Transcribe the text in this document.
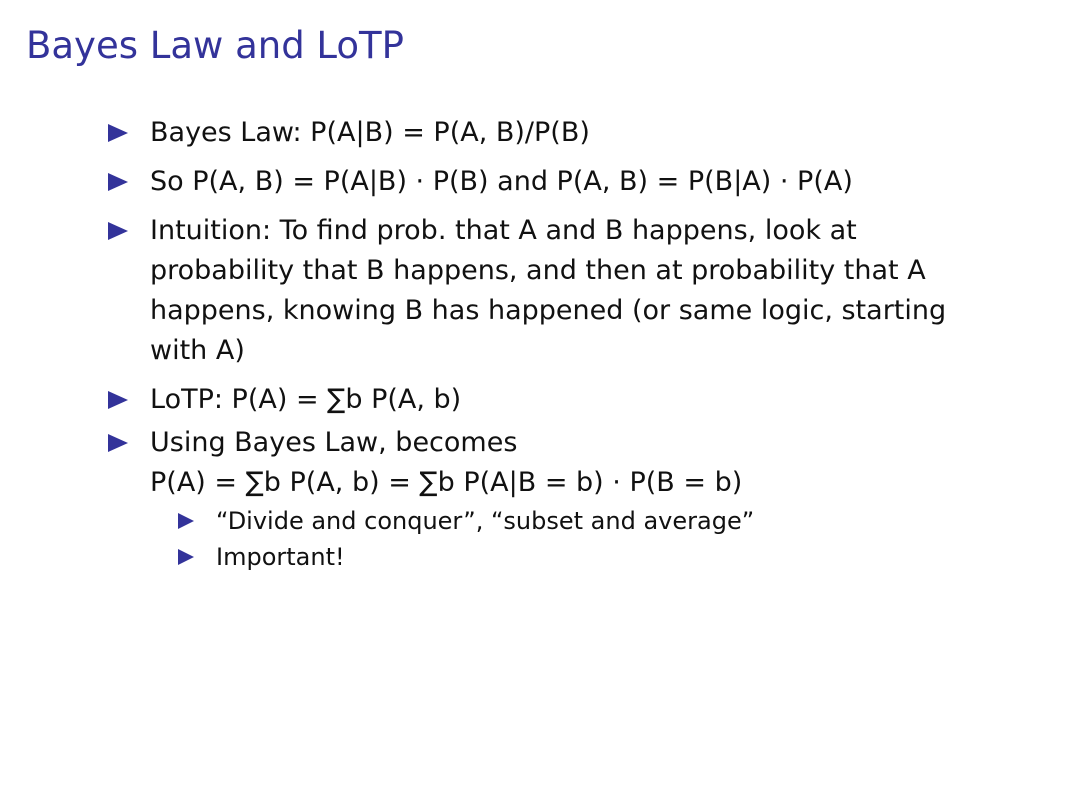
Bayes Law and LoTP
Bayes Law: P(A|B) = P(A, B)/P(B)
So P(A, B) = P(A|B) · P(B) and P(A, B) = P(B|A) · P(A)
Intuition: To find prob. that A and B happens, look at
probability that B happens, and then at probability that A
happens, knowing B has happened (or same logic, starting
with A)
LoTP: P(A) = ∑b P(A, b)
Using Bayes Law, becomes
P(A) = ∑b P(A, b) = ∑b P(A|B = b) · P(B = b)
“Divide and conquer”, “subset and average”
Important!
